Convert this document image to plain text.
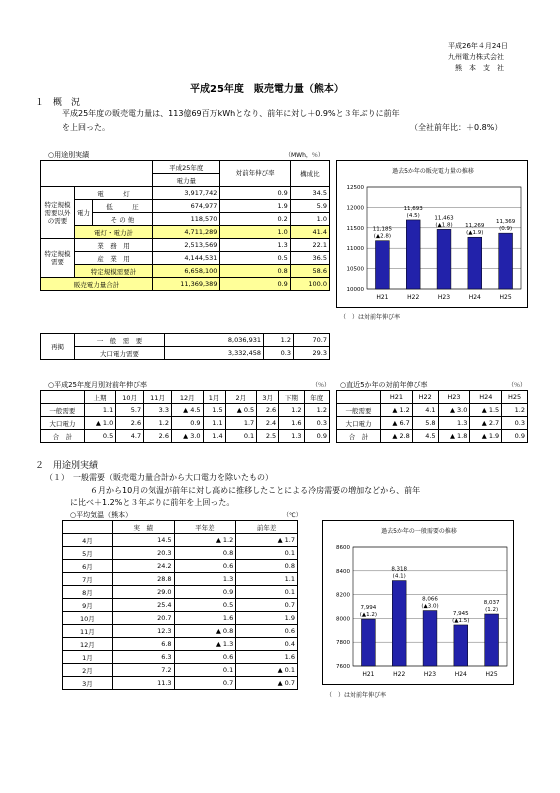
平成26年４月24日
九州電力株式会社
熊　本　支　社
平成25年度　販売電力量（熊本）
１　概　況
平成25年度の販売電力量は、113億69百万kWhとなり、前年に対し＋0.9%と３年ぶりに前年
を上回った。	（全社前年比：＋0.8%）
○用途別実績	（MWh，％）
			平成25年度	対前年伸び率	構成比
			電力量		
特定規模需要以外の需要	電　　　灯		3,917,742	0.9	34.5
	電力	低　　　圧	674,977	1.9	5.9
		そ の 他	118,570	0.2	1.0
	電灯・電力計		4,711,289	1.0	41.4
特定規模需要	業　務　用		2,513,569	1.3	22.1
	産　業　用		4,144,531	0.5	36.5
	特定規模需要計		6,658,100	0.8	58.6
販売電力量合計			11,369,389	0.9	100.0
再掲	一　般　需　要	8,036,931	1.2	70.7
	大口電力需要	3,332,458	0.3	29.3
過去5か年の販売電力量の推移
12500
12000
11500
11000
10500
10000
11,185
(▲2.8)
H21
11,693
(4.5)
H22
11,463
(▲1.8)
H23
11,269
(▲1.9)
H24
11,369
(0.9)
H25
（　）は対前年伸び率
○平成25年度月別対前年伸び率	（％）
	上期	10月	11月	12月	1月	2月	3月	下期	年度
一般需要	1.1	5.7	3.3	▲ 4.5	1.5	▲ 0.5	2.6	1.2	1.2
大口電力	▲ 1.0	2.6	1.2	0.9	1.1	1.7	2.4	1.6	0.3
合　計	0.5	4.7	2.6	▲ 3.0	1.4	0.1	2.5	1.3	0.9
○直近5か年の対前年伸び率	（％）
	H21	H22	H23	H24	H25
一般需要	▲ 1.2	4.1	▲ 3.0	▲ 1.5	1.2
大口電力	▲ 6.7	5.8	1.3	▲ 2.7	0.3
合　計	▲ 2.8	4.5	▲ 1.8	▲ 1.9	0.9
２　用途別実績
（１）　一般需要（販売電力量合計から大口電力を除いたもの）
６月から10月の気温が前年に対し高めに推移したことによる冷房需要の増加などから、前年
に比べ＋1.2%と３年ぶりに前年を上回った。
○平均気温（熊本）	（℃）
	実　績	平年差	前年差
4月	14.5	▲ 1.2	▲ 1.7
5月	20.3	0.8	0.1
6月	24.2	0.6	0.8
7月	28.8	1.3	1.1
8月	29.0	0.9	0.1
9月	25.4	0.5	0.7
10月	20.7	1.6	1.9
11月	12.3	▲ 0.8	0.6
12月	6.8	▲ 1.3	0.4
1月	6.3	0.6	1.6
2月	7.2	0.1	▲ 0.1
3月	11.3	0.7	▲ 0.7
過去5か年の一般需要の推移
8600
8400
8200
8000
7800
7600
7,994
(▲1.2)
H21
8,318
(4.1)
H22
8,066
(▲3.0)
H23
7,945
(▲1.5)
H24
8,037
(1.2)
H25
（　）は対前年伸び率
